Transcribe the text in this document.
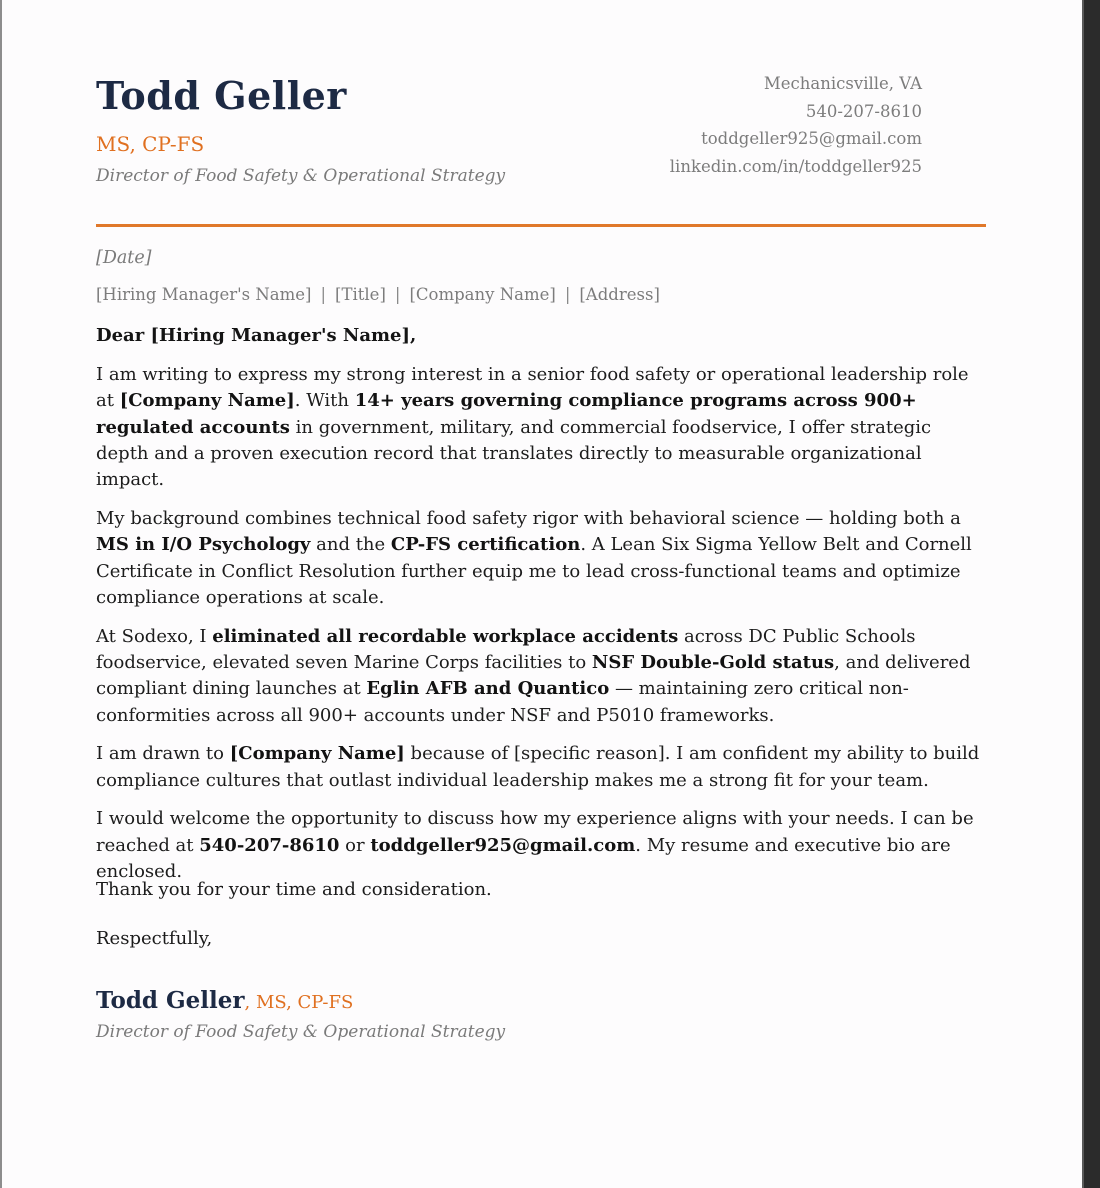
Todd Geller
MS, CP-FS
Director of Food Safety & Operational Strategy
Mechanicsville, VA
540-207-8610
toddgeller925@gmail.com
linkedin.com/in/toddgeller925
[Date]
[Hiring Manager's Name] | [Title] | [Company Name] | [Address]
Dear [Hiring Manager's Name],

I am writing to express my strong interest in a senior food safety or operational leadership role at [Company Name]. With 14+ years governing compliance programs across 900+ regulated accounts in government, military, and commercial foodservice, I offer strategic depth and a proven execution record that translates directly to measurable organizational impact.

My background combines technical food safety rigor with behavioral science — holding both a MS in I/O Psychology and the CP-FS certification. A Lean Six Sigma Yellow Belt and Cornell Certificate in Conflict Resolution further equip me to lead cross-functional teams and optimize compliance operations at scale.

At Sodexo, I eliminated all recordable workplace accidents across DC Public Schools foodservice, elevated seven Marine Corps facilities to NSF Double-Gold status, and delivered compliant dining launches at Eglin AFB and Quantico — maintaining zero critical non-conformities across all 900+ accounts under NSF and P5010 frameworks.

I am drawn to [Company Name] because of [specific reason]. I am confident my ability to build compliance cultures that outlast individual leadership makes me a strong fit for your team.

I would welcome the opportunity to discuss how my experience aligns with your needs. I can be reached at 540-207-8610 or toddgeller925@gmail.com. My resume and executive bio are enclosed.

Thank you for your time and consideration.
Respectfully,
Todd Geller, MS, CP-FS
Director of Food Safety & Operational Strategy
